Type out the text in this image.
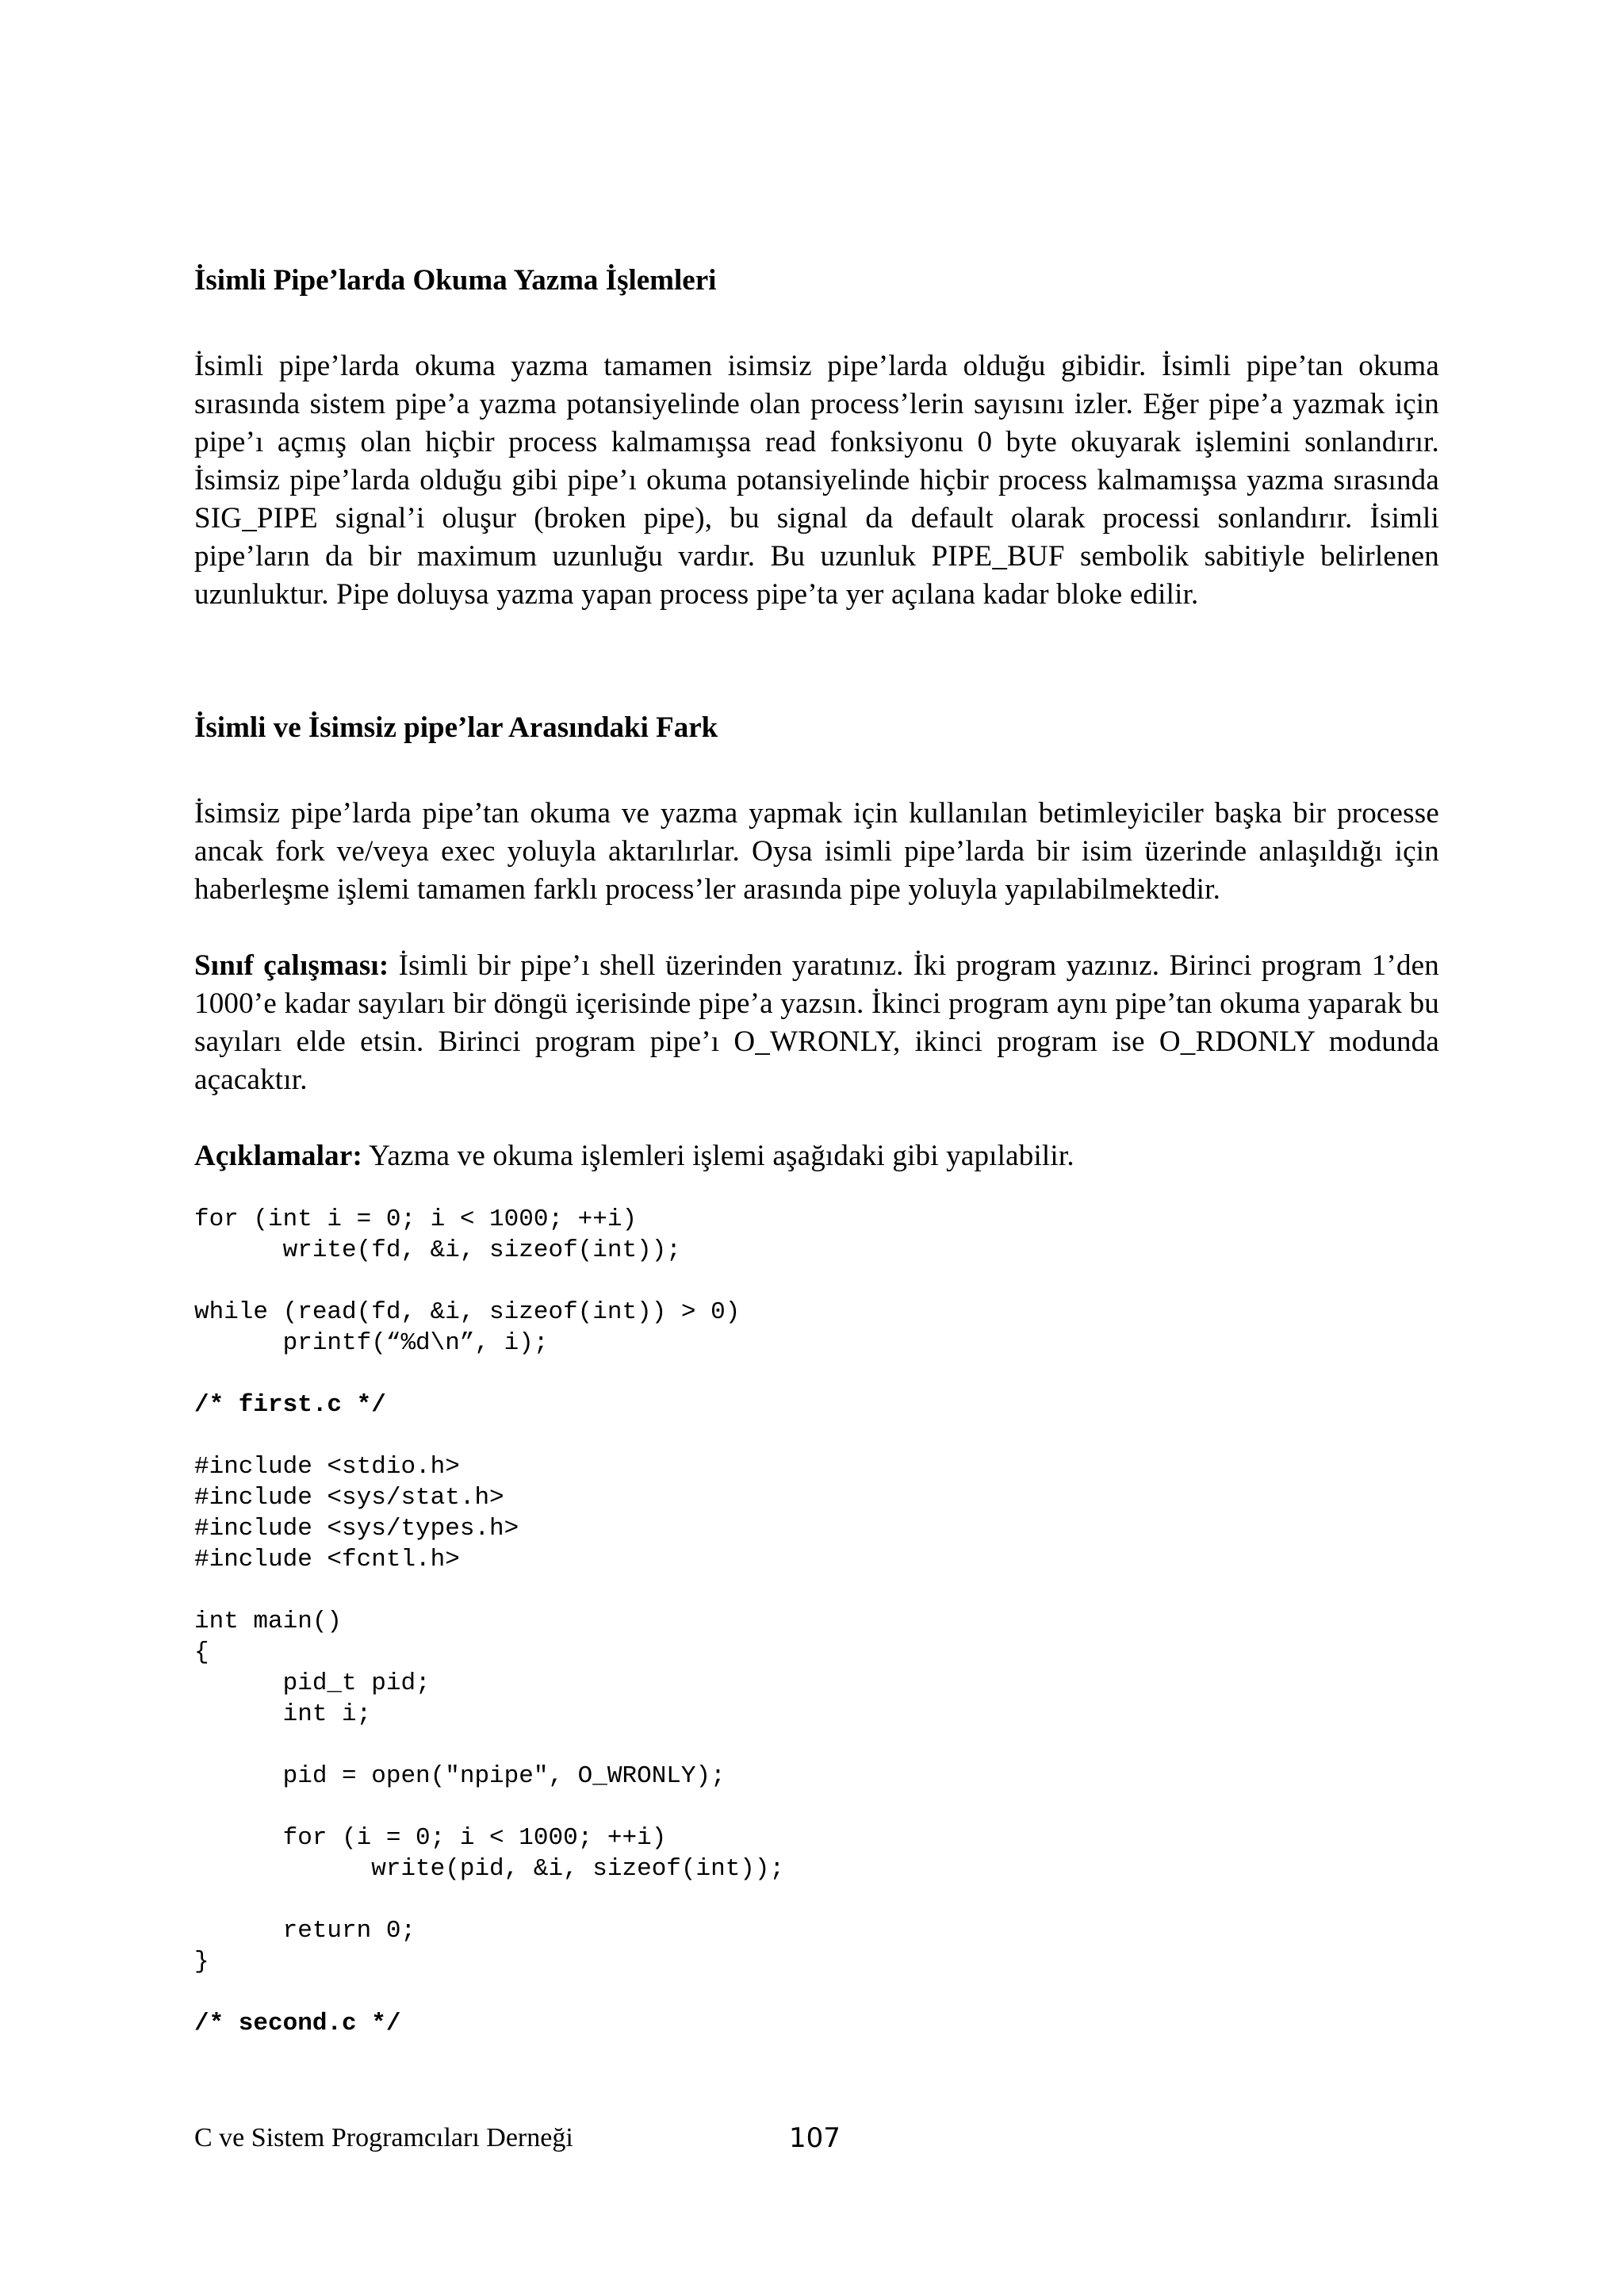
İsimli Pipe’larda Okuma Yazma İşlemleri

İsimli pipe’larda okuma yazma tamamen isimsiz pipe’larda olduğu gibidir. İsimli pipe’tan okuma sırasında sistem pipe’a yazma potansiyelinde olan process’lerin sayısını izler. Eğer pipe’a yazmak için pipe’ı açmış olan hiçbir process kalmamışsa read fonksiyonu 0 byte okuyarak işlemini sonlandırır. İsimsiz pipe’larda olduğu gibi pipe’ı okuma potansiyelinde hiçbir process kalmamışsa yazma sırasında SIG_PIPE signal’i oluşur (broken pipe), bu signal da default olarak processi sonlandırır. İsimli pipe’ların da bir maximum uzunluğu vardır. Bu uzunluk PIPE_BUF sembolik sabitiyle belirlenen uzunluktur. Pipe doluysa yazma yapan process pipe’ta yer açılana kadar bloke edilir.

İsimli ve İsimsiz pipe’lar Arasındaki Fark

İsimsiz pipe’larda pipe’tan okuma ve yazma yapmak için kullanılan betimleyiciler başka bir processe ancak fork ve/veya exec yoluyla aktarılırlar. Oysa isimli pipe’larda bir isim üzerinde anlaşıldığı için haberleşme işlemi tamamen farklı process’ler arasında pipe yoluyla yapılabilmektedir.

Sınıf çalışması: İsimli bir pipe’ı shell üzerinden yaratınız. İki program yazınız. Birinci program 1’den 1000’e kadar sayıları bir döngü içerisinde pipe’a yazsın. İkinci program aynı pipe’tan okuma yaparak bu sayıları elde etsin. Birinci program pipe’ı O_WRONLY, ikinci program ise O_RDONLY modunda açacaktır.

Açıklamalar: Yazma ve okuma işlemleri işlemi aşağıdaki gibi yapılabilir.

for (int i = 0; i < 1000; ++i)
write(fd, &i, sizeof(int));
while (read(fd, &i, sizeof(int)) > 0)
printf(“%d\n”, i);

/* first.c */

#include <stdio.h>
#include <sys/stat.h>
#include <sys/types.h>
#include <fcntl.h>
int main()
{
pid_t pid;
int i;

pid = open("npipe", O_WRONLY);

for (i = 0; i < 1000; ++i)
write(pid, &i, sizeof(int));

return 0;
}

/* second.c */

C ve Sistem Programcıları Derneği	107
